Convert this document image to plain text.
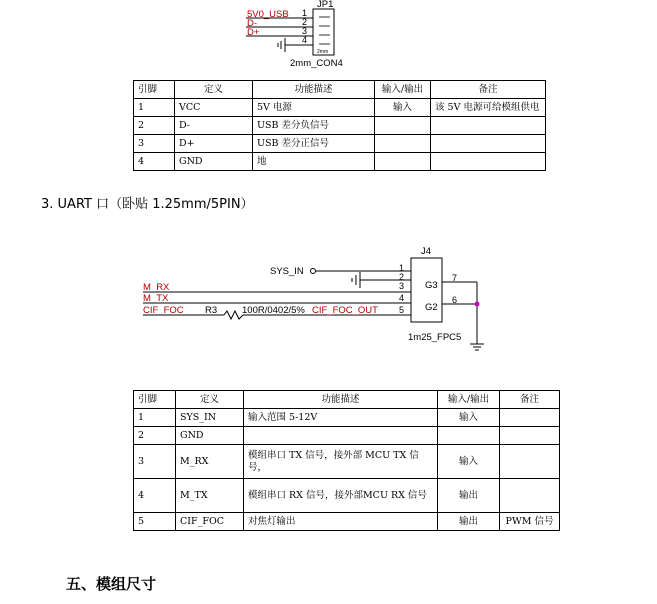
JP1
2mm_CON4
2mm
1
2
3
4
5V0_USB
D-
D+
引脚	定义	功能描述	输入/输出	备注
1	VCC	5V 电源	输入	该 5V 电源可给模组供电
2	D-	USB 差分负信号		
3	D+	USB 差分正信号		
4	GND	地		
3. UART 口（卧贴 1.25mm/5PIN）
J4
1m25_FPC5
G3
G2
1
2
3
4
5
7
6
SYS_IN
M_RX
M_TX
CIF_FOC R3	100R/0402/5% CIF_FOC_OUT
引脚	定义	功能描述	输入/输出	备注
1	SYS_IN	输入范围 5-12V	输入	
2	GND			
3	M_RX	模组串口 TX 信号，接外部 MCU TX 信号，	输入	
4	M_TX	模组串口 RX 信号，接外部MCU RX 信号	输出	
5	CIF_FOC	对焦灯输出	输出	PWM 信号
五、模组尺寸
